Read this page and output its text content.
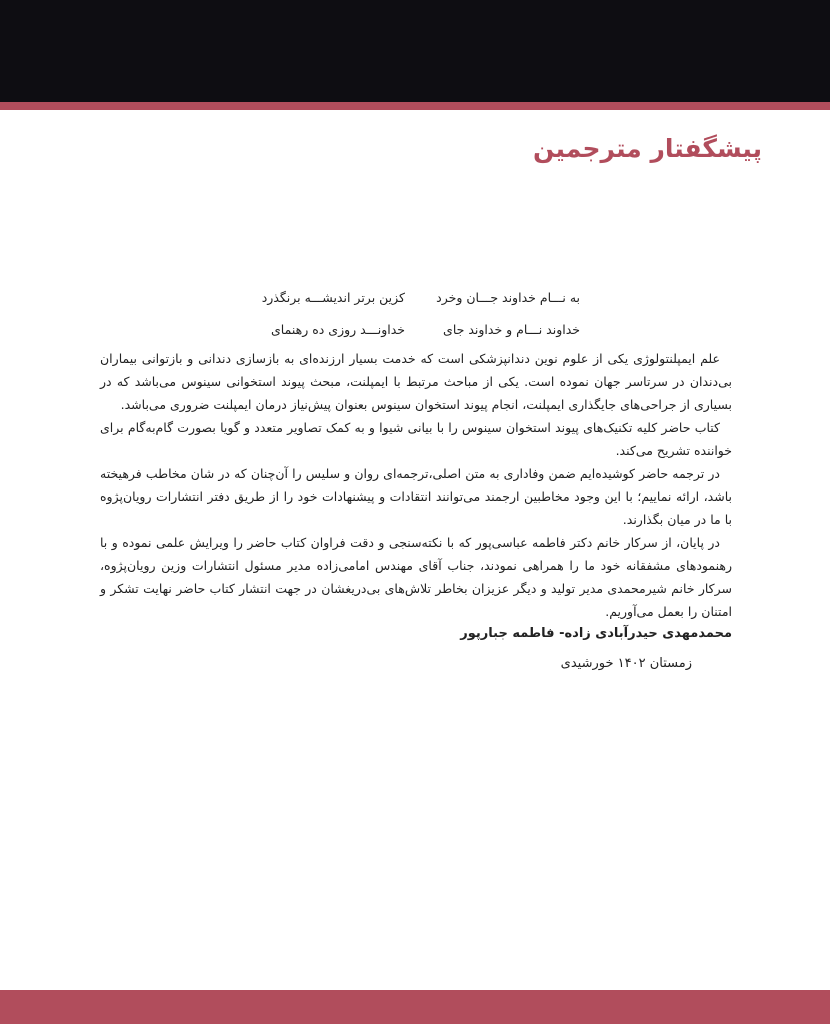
پیشگفتار مترجمین
به نـــام خداوند جـــان وخرد
کزین برتر اندیشـــه برنگذرد
خداوند نـــام و خداوند جای
خداونـــد روزی ده رهنمای

علم ایمپلنتولوژی یکی از علوم نوین دندانپزشکی است که خدمت بسیار ارزنده‌ای به بازسازی دندانی و بازتوانی بیماران بی‌دندان در سرتاسر جهان نموده است. یکی از مباحث مرتبط با ایمپلنت، مبحث پیوند استخوانی سینوس می‌باشد که در بسیاری از جراحی‌های جایگذاری ایمپلنت، انجام پیوند استخوان سینوس بعنوان پیش‌نیاز درمان ایمپلنت ضروری می‌باشد.

کتاب حاضر کلیه تکنیک‌های پیوند استخوان سینوس را با بیانی شیوا و به کمک تصاویر متعدد و گویا بصورت گام‌به‌گام برای خواننده تشریح می‌کند.

در ترجمه حاضر کوشیده‌ایم ضمن وفاداری به متن اصلی،ترجمه‌ای روان و سلیس را آن‌چنان که در شان مخاطب فرهیخته باشد، ارائه نماییم؛ با این وجود مخاطبین ارجمند می‌توانند انتقادات و پیشنهادات خود را از طریق دفتر انتشارات رویان‌پژوه با ما در میان بگذارند.

در پایان، از سرکار خانم دکتر فاطمه عباسی‌پور که با نکته‌سنجی و دقت فراوان کتاب حاضر را ویرایش علمی نموده و با رهنمودهای مشفقانه خود ما را همراهی نمودند، جناب آقای مهندس امامی‌زاده مدیر مسئول انتشارات وزین رویان‌پژوه، سرکار خانم شیرمحمدی مدیر تولید و دیگر عزیزان بخاطر تلاش‌های بی‌دریغشان در جهت انتشار کتاب حاضر نهایت تشکر و امتنان را بعمل می‌آوریم.

محمدمهدی حیدرآبادی زاده- فاطمه جبارپور
زمستان ۱۴۰۲ خورشیدی
